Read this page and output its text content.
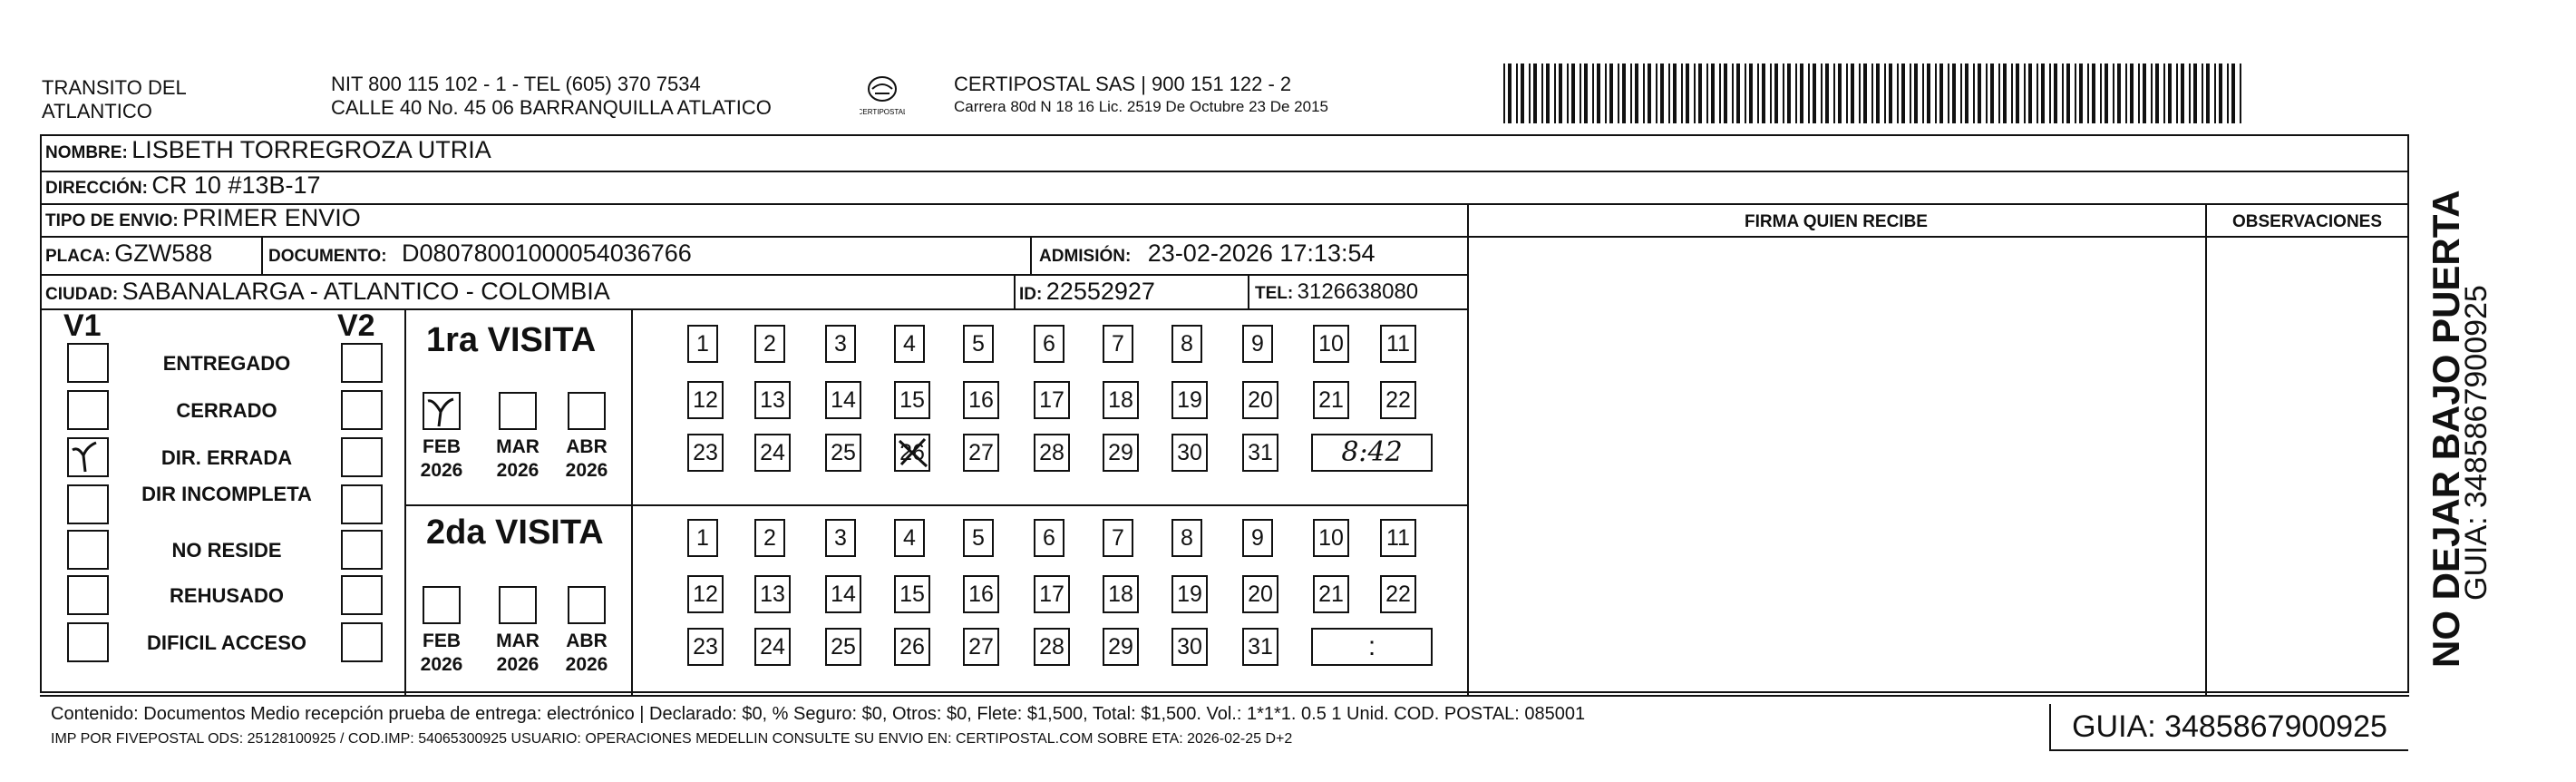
TRANSITO DEL
ATLANTICO
NIT 800 115 102 - 1 - TEL (605) 370 7534
CALLE 40 No. 45 06 BARRANQUILLA ATLATICO	CERTIPOSTAL
CERTIPOSTAL SAS | 900 151 122 - 2
Carrera 80d N 18 16 Lic. 2519 De Octubre 23 De 2015
NOMBRE: LISBETH TORREGROZA UTRIA
DIRECCIÓN: CR 10 #13B-17
TIPO DE ENVIO: PRIMER ENVIO	FIRMA QUIEN RECIBE	OBSERVACIONES
PLACA: GZW588	DOCUMENTO: D08078001000054036766	ADMISIÓN: 23-02-2026 17:13:54
CIUDAD: SABANALARGA - ATLANTICO - COLOMBIA	ID: 22552927	TEL: 3126638080
V1	V2
ENTREGADO
CERRADO
DIR. ERRADA
DIR INCOMPLETA
NO RESIDE
REHUSADO
DIFICIL ACCESO
1ra VISITA
2da VISITA
FEB
2026
MAR
2026
ABR
2026
1	2	3	4	5	6	7	8	9	10 11
12 13 14 15 16 17 18 19 20 21 22
23 24 25 26 27 28 29 30 31	8:42
FEB
2026
MAR
2026
ABR
2026
1	2	3	4	5	6	7	8	9	10 11
12 13 14 15 16 17 18 19 20 21 22
23 24 25 26 27 28 29 30 31	:
Contenido: Documentos Medio recepción prueba de entrega: electrónico | Declarado: $0, % Seguro: $0, Otros: $0, Flete: $1,500, Total: $1,500. Vol.: 1*1*1. 0.5 1 Unid. COD. POSTAL: 085001
IMP POR FIVEPOSTAL ODS: 25128100925 / COD.IMP: 54065300925 USUARIO: OPERACIONES MEDELLIN CONSULTE SU ENVIO EN: CERTIPOSTAL.COM SOBRE ETA: 2026-02-25 D+2	GUIA: 3485867900925
NO DEJAR BAJO PUERTA
GUIA: 3485867900925
